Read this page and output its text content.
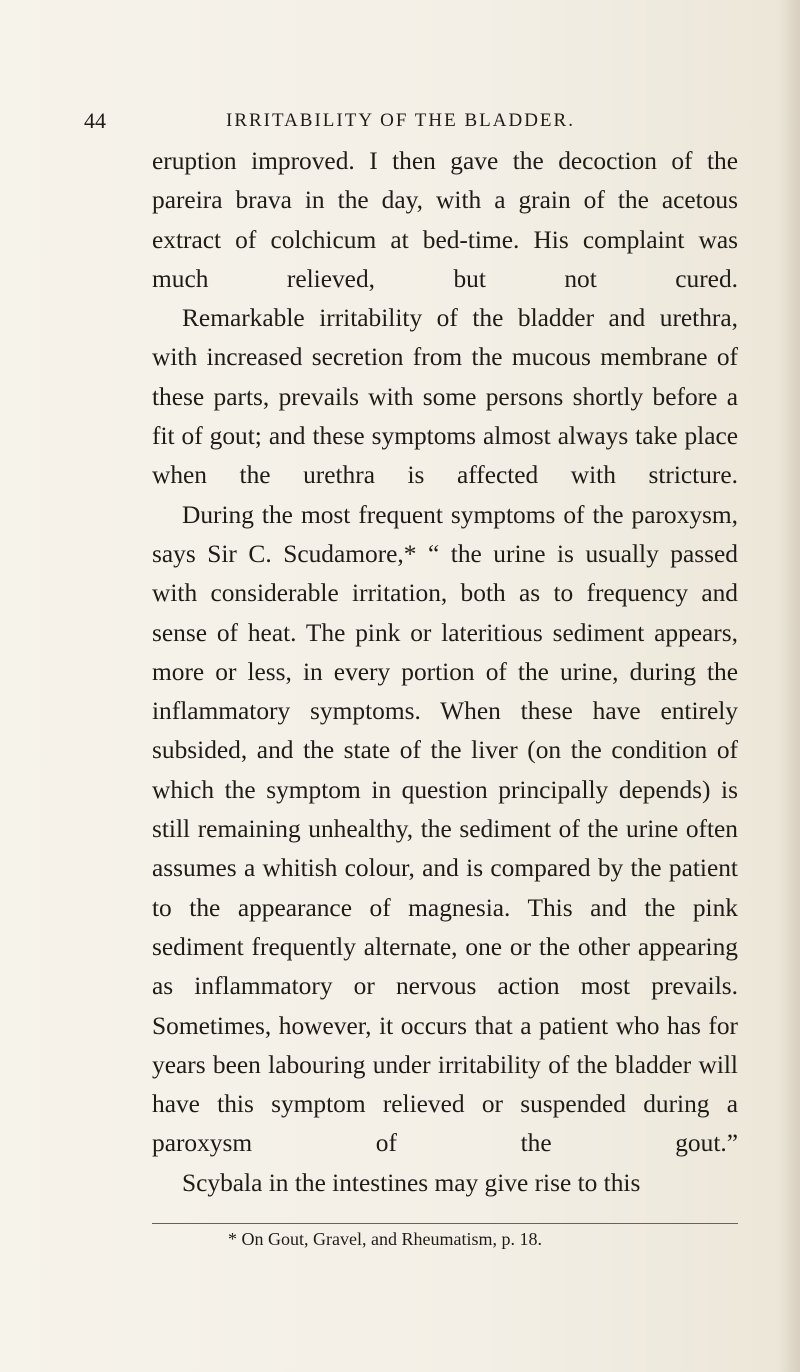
44	IRRITABILITY OF THE BLADDER.

eruption improved. I then gave the decoction of the pareira brava in the day, with a grain of the acetous extract of colchicum at bed-time. His complaint was much relieved, but not cured.

Remarkable irritability of the bladder and urethra, with increased secretion from the mucous membrane of these parts, prevails with some persons shortly before a fit of gout; and these symptoms almost always take place when the urethra is affected with stricture.

During the most frequent symptoms of the paroxysm, says Sir C. Scudamore,* “ the urine is usually passed with considerable irritation, both as to frequency and sense of heat. The pink or lateritious sediment appears, more or less, in every portion of the urine, during the inflammatory symptoms. When these have entirely subsided, and the state of the liver (on the condition of which the symptom in question principally depends) is still remaining unhealthy, the sediment of the urine often assumes a whitish colour, and is compared by the patient to the appearance of magnesia. This and the pink sediment frequently alternate, one or the other appearing as inflammatory or nervous action most prevails. Sometimes, however, it occurs that a patient who has for years been labouring under irritability of the bladder will have this symptom relieved or suspended during a paroxysm of the gout.”

Scybala in the intestines may give rise to this

* On Gout, Gravel, and Rheumatism, p. 18.
